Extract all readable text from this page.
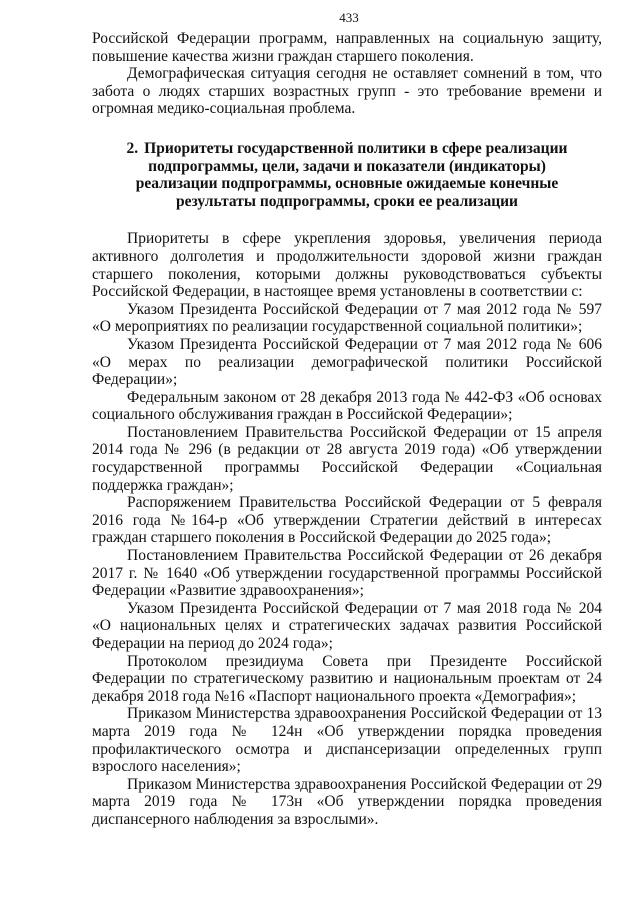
433

Российской Федерации программ, направленных на социальную защиту, повышение качества жизни граждан старшего поколения.

Демографическая ситуация сегодня не оставляет сомнений в том, что забота о людях старших возрастных групп - это требование времени и огромная медико-социальная проблема.

2. Приоритеты государственной политики в сфере реализации подпрограммы, цели, задачи и показатели (индикаторы) реализации подпрограммы, основные ожидаемые конечные результаты подпрограммы, сроки ее реализации

Приоритеты в сфере укрепления здоровья, увеличения периода активного долголетия и продолжительности здоровой жизни граждан старшего поколения, которыми должны руководствоваться субъекты Российской Федерации, в настоящее время установлены в соответствии с:

Указом Президента Российской Федерации от 7 мая 2012 года № 597 «О мероприятиях по реализации государственной социальной политики»;

Указом Президента Российской Федерации от 7 мая 2012 года № 606 «О мерах по реализации демографической политики Российской Федерации»;

Федеральным законом от 28 декабря 2013 года № 442-ФЗ «Об основах социального обслуживания граждан в Российской Федерации»;

Постановлением Правительства Российской Федерации от 15 апреля 2014 года № 296 (в редакции от 28 августа 2019 года) «Об утверждении государственной программы Российской Федерации «Социальная поддержка граждан»;

Распоряжением Правительства Российской Федерации от 5 февраля 2016 года №164-р «Об утверждении Стратегии действий в интересах граждан старшего поколения в Российской Федерации до 2025 года»;

Постановлением Правительства Российской Федерации от 26 декабря 2017 г. № 1640 «Об утверждении государственной программы Российской Федерации «Развитие здравоохранения»;

Указом Президента Российской Федерации от 7 мая 2018 года № 204 «О национальных целях и стратегических задачах развития Российской Федерации на период до 2024 года»;

Протоколом президиума Совета при Президенте Российской Федерации по стратегическому развитию и национальным проектам от 24 декабря 2018 года №16 «Паспорт национального проекта «Демография»;

Приказом Министерства здравоохранения Российской Федерации от 13 марта 2019 года № 124н «Об утверждении порядка проведения профилактического осмотра и диспансеризации определенных групп взрослого населения»;

Приказом Министерства здравоохранения Российской Федерации от 29 марта 2019 года № 173н «Об утверждении порядка проведения диспансерного наблюдения за взрослыми».
